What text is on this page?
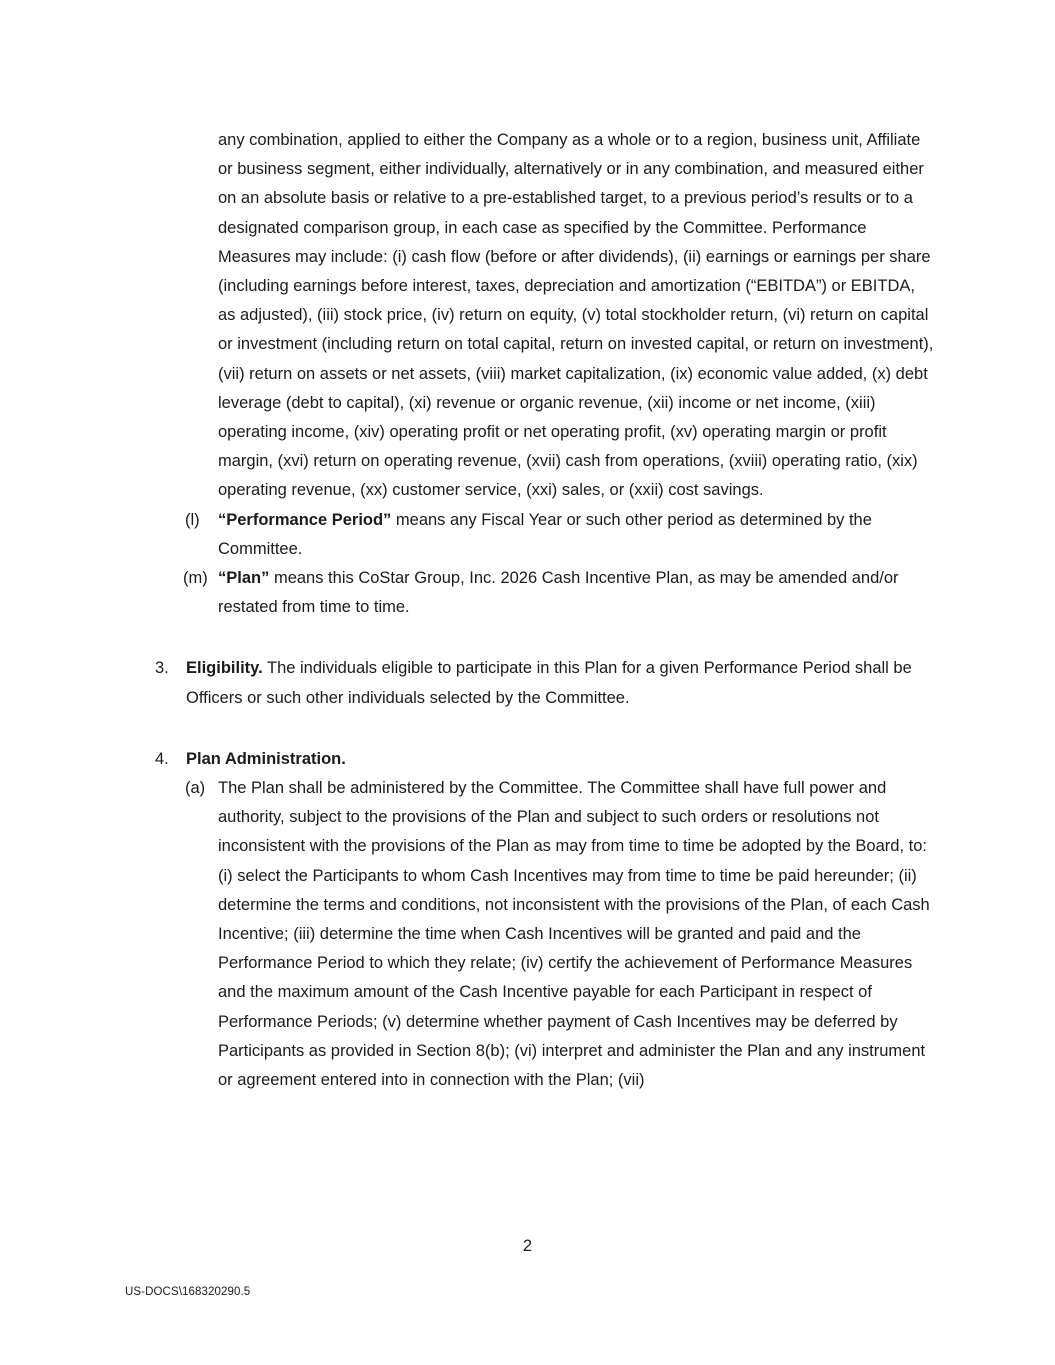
any combination, applied to either the Company as a whole or to a region, business unit, Affiliate or business segment, either individually, alternatively or in any combination, and measured either on an absolute basis or relative to a pre-established target, to a previous period’s results or to a designated comparison group, in each case as specified by the Committee. Performance Measures may include: (i) cash flow (before or after dividends), (ii) earnings or earnings per share (including earnings before interest, taxes, depreciation and amortization (“EBITDA”) or EBITDA, as adjusted), (iii) stock price, (iv) return on equity, (v) total stockholder return, (vi) return on capital or investment (including return on total capital, return on invested capital, or return on investment), (vii) return on assets or net assets, (viii) market capitalization, (ix) economic value added, (x) debt leverage (debt to capital), (xi) revenue or organic revenue, (xii) income or net income, (xiii) operating income, (xiv) operating profit or net operating profit, (xv) operating margin or profit margin, (xvi) return on operating revenue, (xvii) cash from operations, (xviii) operating ratio, (xix) operating revenue, (xx) customer service, (xxi) sales, or (xxii) cost savings.
(l) “Performance Period” means any Fiscal Year or such other period as determined by the Committee.
(m) “Plan” means this CoStar Group, Inc. 2026 Cash Incentive Plan, as may be amended and/or restated from time to time.
3. Eligibility. The individuals eligible to participate in this Plan for a given Performance Period shall be Officers or such other individuals selected by the Committee.
4. Plan Administration.
(a) The Plan shall be administered by the Committee. The Committee shall have full power and authority, subject to the provisions of the Plan and subject to such orders or resolutions not inconsistent with the provisions of the Plan as may from time to time be adopted by the Board, to: (i) select the Participants to whom Cash Incentives may from time to time be paid hereunder; (ii) determine the terms and conditions, not inconsistent with the provisions of the Plan, of each Cash Incentive; (iii) determine the time when Cash Incentives will be granted and paid and the Performance Period to which they relate; (iv) certify the achievement of Performance Measures and the maximum amount of the Cash Incentive payable for each Participant in respect of Performance Periods; (v) determine whether payment of Cash Incentives may be deferred by Participants as provided in Section 8(b); (vi) interpret and administer the Plan and any instrument or agreement entered into in connection with the Plan; (vii)
2
US-DOCS\168320290.5
